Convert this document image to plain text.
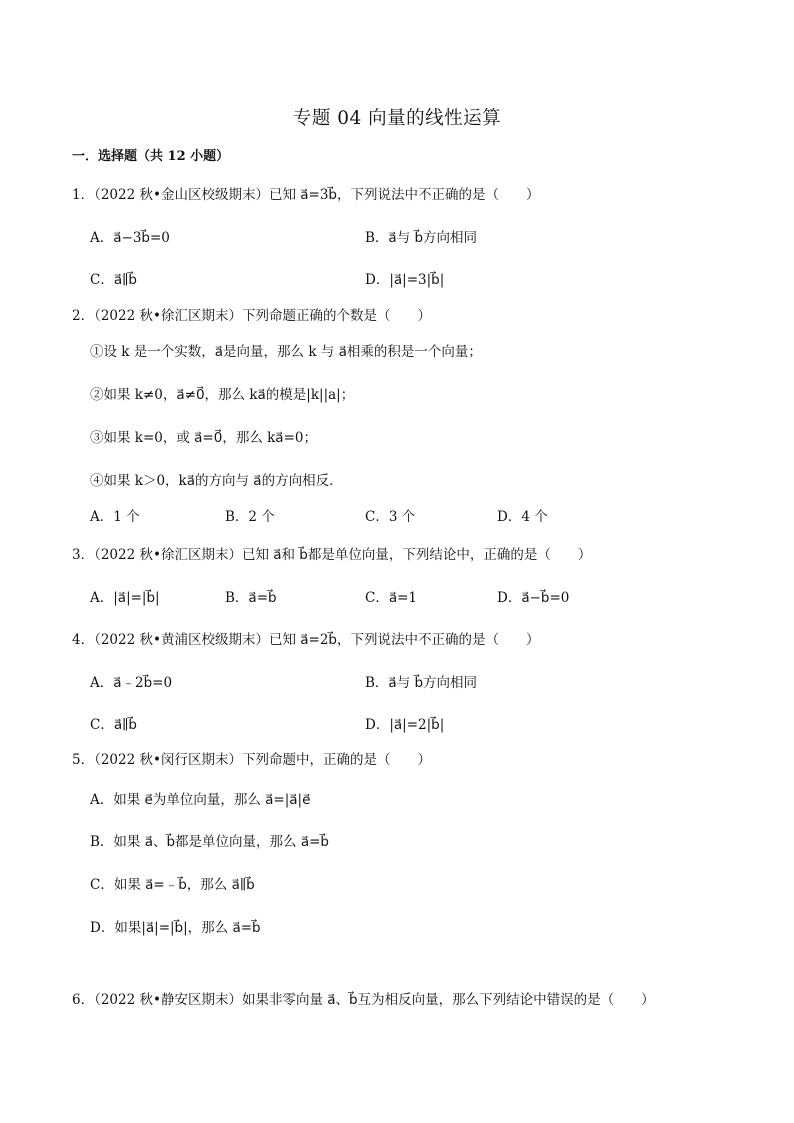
专题 04 向量的线性运算
一．选择题（共 12 小题）
1．（2022 秋•金山区校级期末）已知 a⃗=3b⃗，下列说法中不正确的是（　　）
A．a⃗−3b⃗=0	B．a⃗与 b⃗方向相同
C．a⃗∥b⃗	D．|a⃗|=3|b⃗|
2．（2022 秋•徐汇区期末）下列命题正确的个数是（　　）
①设 k 是一个实数，a⃗是向量，那么 k 与 a⃗相乘的积是一个向量；
②如果 k≠0，a⃗≠0⃗，那么 ka⃗的模是|k||a|；
③如果 k=0，或 a⃗=0⃗，那么 ka⃗=0；
④如果 k＞0，ka⃗的方向与 a⃗的方向相反．
A．1 个	B．2 个	C．3 个	D．4 个
3．（2022 秋•徐汇区期末）已知 a⃗和 b⃗都是单位向量，下列结论中，正确的是（　　）
A．|a⃗|=|b⃗|	B．a⃗=b⃗	C．a⃗=1	D．a⃗−b⃗=0
4．（2022 秋•黄浦区校级期末）已知 a⃗=2b⃗，下列说法中不正确的是（　　）
A．a⃗﹣2b⃗=0	B．a⃗与 b⃗方向相同
C．a⃗∥b⃗	D．|a⃗|=2|b⃗|
5．（2022 秋•闵行区期末）下列命题中，正确的是（　　）
A．如果 e⃗为单位向量，那么 a⃗=|a⃗|e⃗
B．如果 a⃗、b⃗都是单位向量，那么 a⃗=b⃗
C．如果 a⃗=﹣b⃗，那么 a⃗∥b⃗
D．如果|a⃗|=|b⃗|，那么 a⃗=b⃗
6．（2022 秋•静安区期末）如果非零向量 a⃗、b⃗互为相反向量，那么下列结论中错误的是（　　）
